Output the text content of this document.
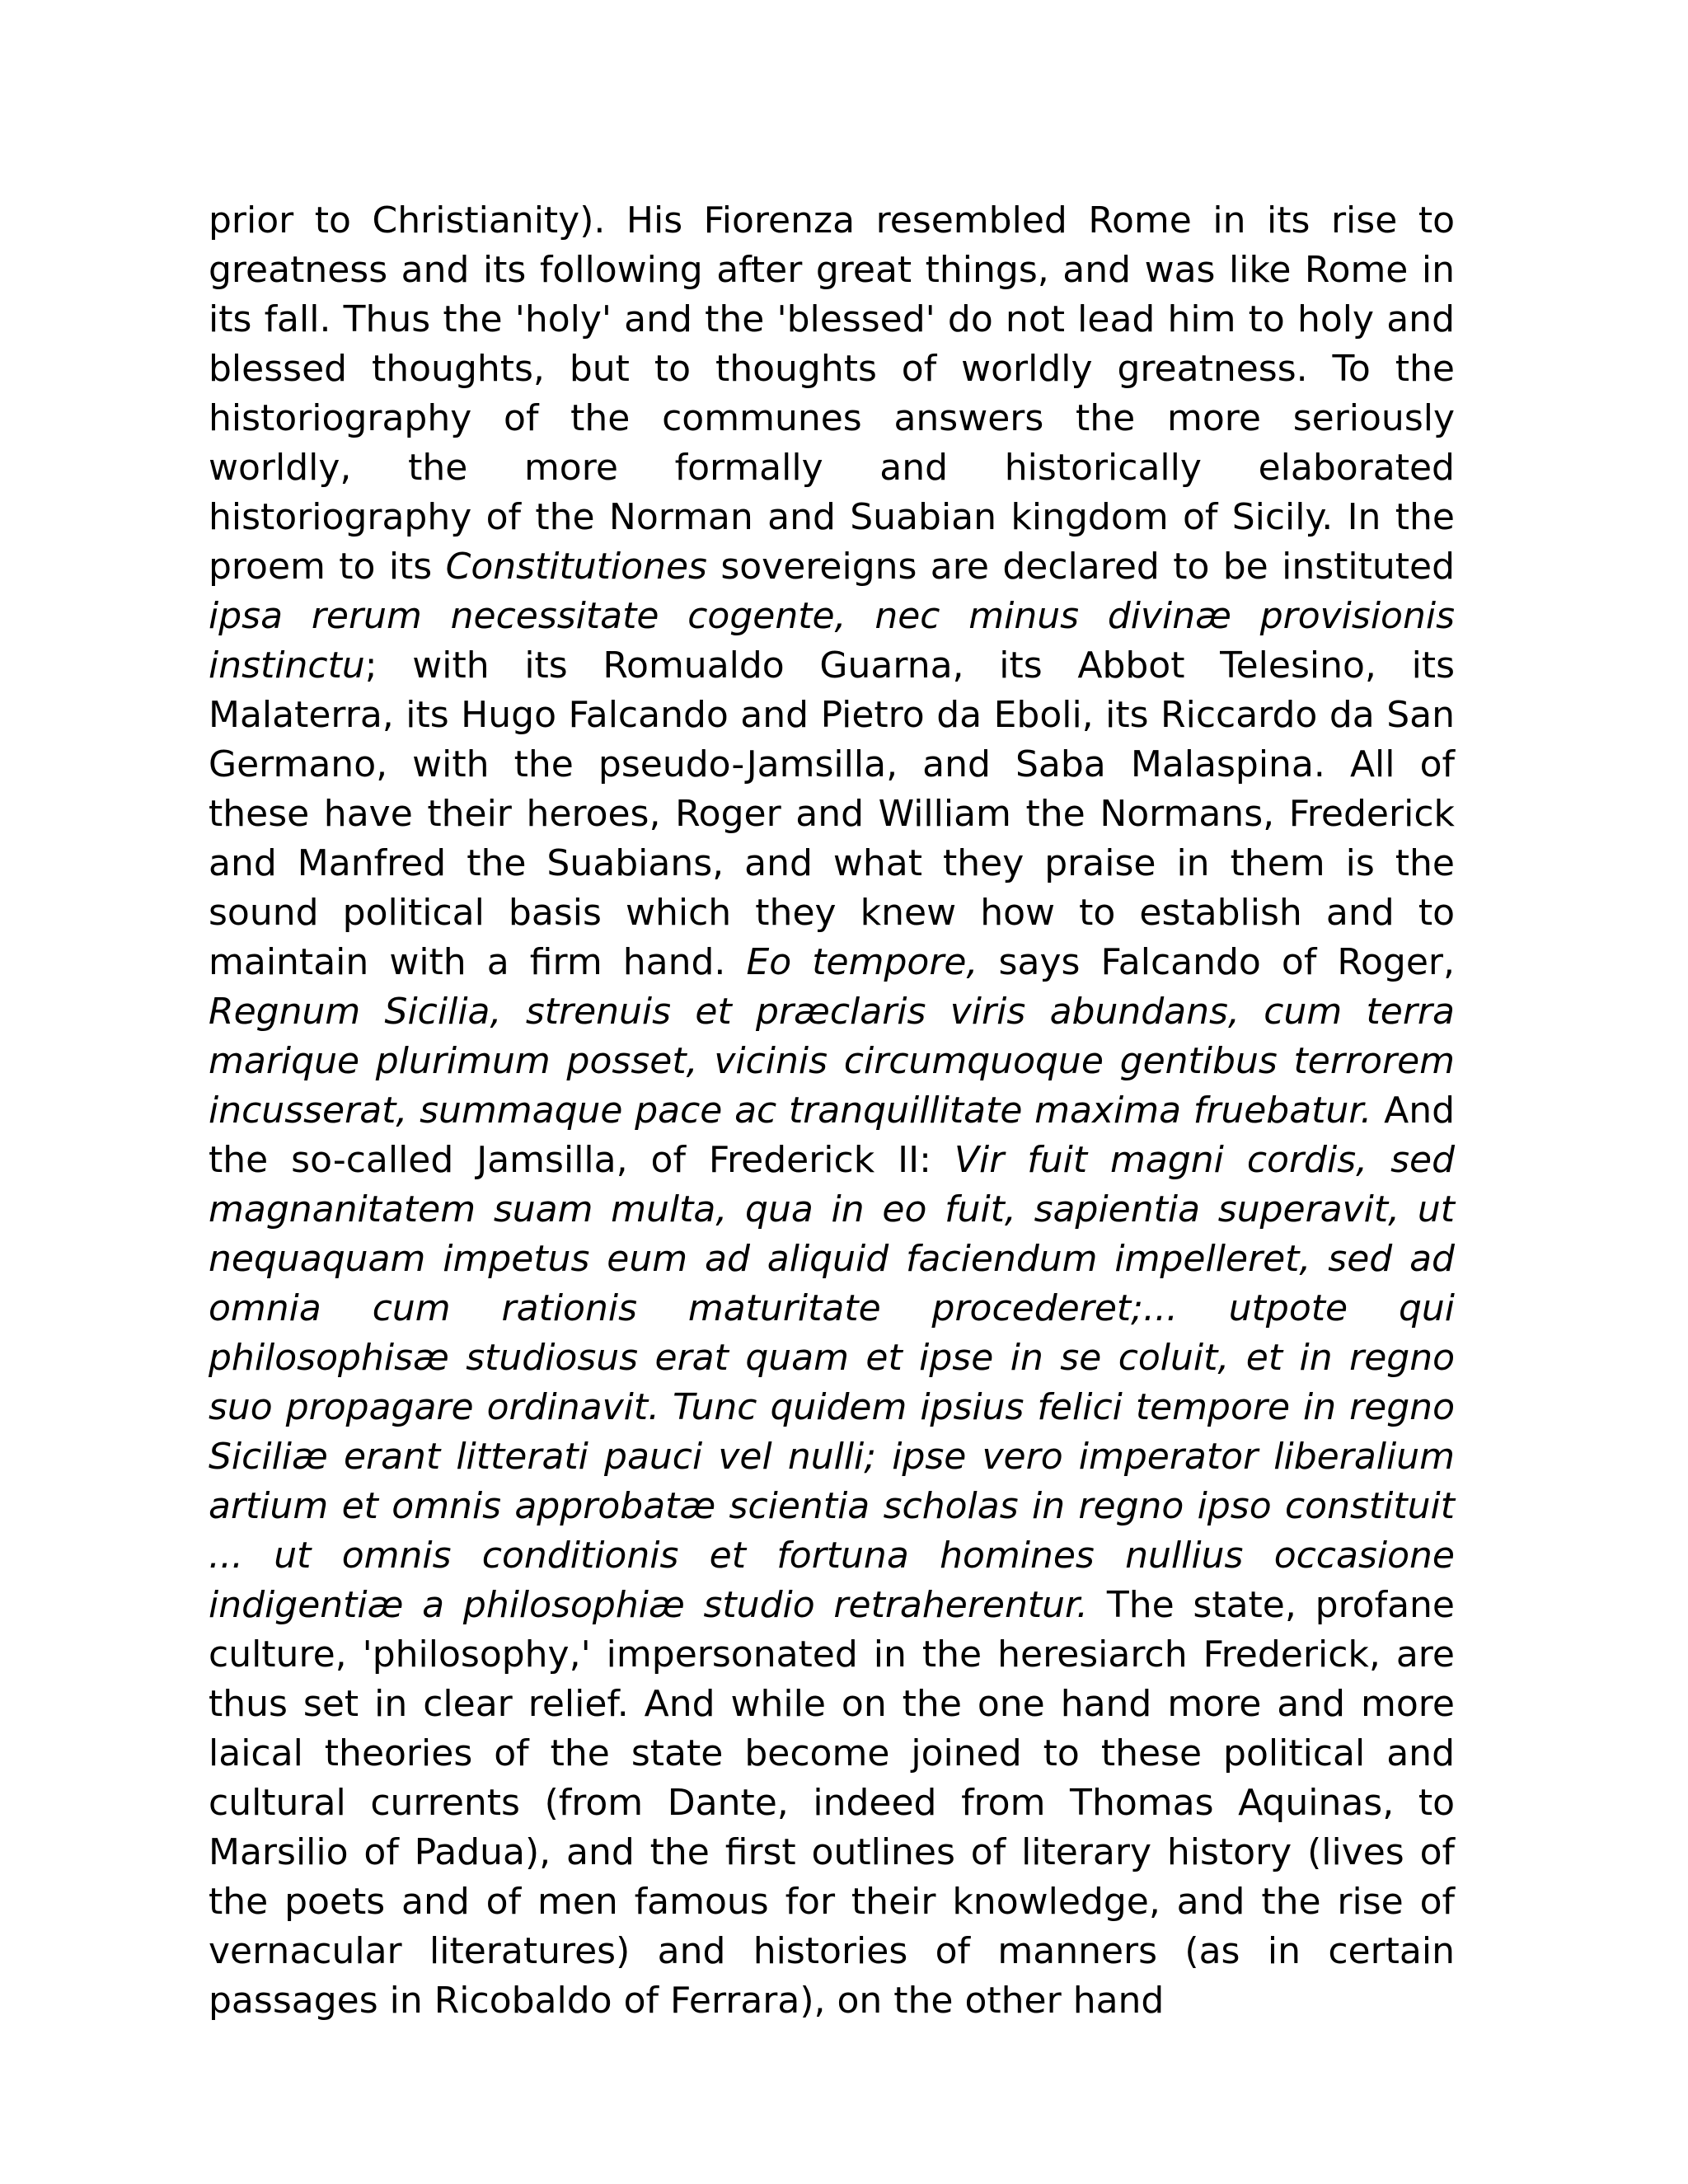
prior to Christianity). His Fiorenza resembled Rome in its rise to greatness and its following after great things, and was like Rome in its fall. Thus the 'holy' and the 'blessed' do not lead him to holy and blessed thoughts, but to thoughts of worldly greatness. To the historiography of the communes answers the more seriously worldly, the more formally and historically elaborated historiography of the Norman and Suabian kingdom of Sicily. In the proem to its Constitutiones sovereigns are declared to be instituted ipsa rerum necessitate cogente, nec minus divinæ provisionis instinctu; with its Romualdo Guarna, its Abbot Telesino, its Malaterra, its Hugo Falcando and Pietro da Eboli, its Riccardo da San Germano, with the pseudo-Jamsilla, and Saba Malaspina. All of these have their heroes, Roger and William the Normans, Frederick and Manfred the Suabians, and what they praise in them is the sound political basis which they knew how to establish and to maintain with a firm hand. Eo tempore, says Falcando of Roger, Regnum Sicilia, strenuis et præclaris viris abundans, cum terra marique plurimum posset, vicinis circumquoque gentibus terrorem incusserat, summaque pace ac tranquillitate maxima fruebatur. And the so-called Jamsilla, of Frederick II: Vir fuit magni cordis, sed magnanitatem suam multa, qua in eo fuit, sapientia superavit, ut nequaquam impetus eum ad aliquid faciendum impelleret, sed ad omnia cum rationis maturitate procederet;... utpote qui philosophisæ studiosus erat quam et ipse in se coluit, et in regno suo propagare ordinavit. Tunc quidem ipsius felici tempore in regno Siciliæ erant litterati pauci vel nulli; ipse vero imperator liberalium artium et omnis approbatæ scientia scholas in regno ipso constituit ... ut omnis conditionis et fortuna homines nullius occasione indigentiæ a philosophiæ studio retraherentur. The state, profane culture, 'philosophy,' impersonated in the heresiarch Frederick, are thus set in clear relief. And while on the one hand more and more laical theories of the state become joined to these political and cultural currents (from Dante, indeed from Thomas Aquinas, to Marsilio of Padua), and the first outlines of literary history (lives of the poets and of men famous for their knowledge, and the rise of vernacular literatures) and histories of manners (as in certain passages in Ricobaldo of Ferrara), on the other hand
